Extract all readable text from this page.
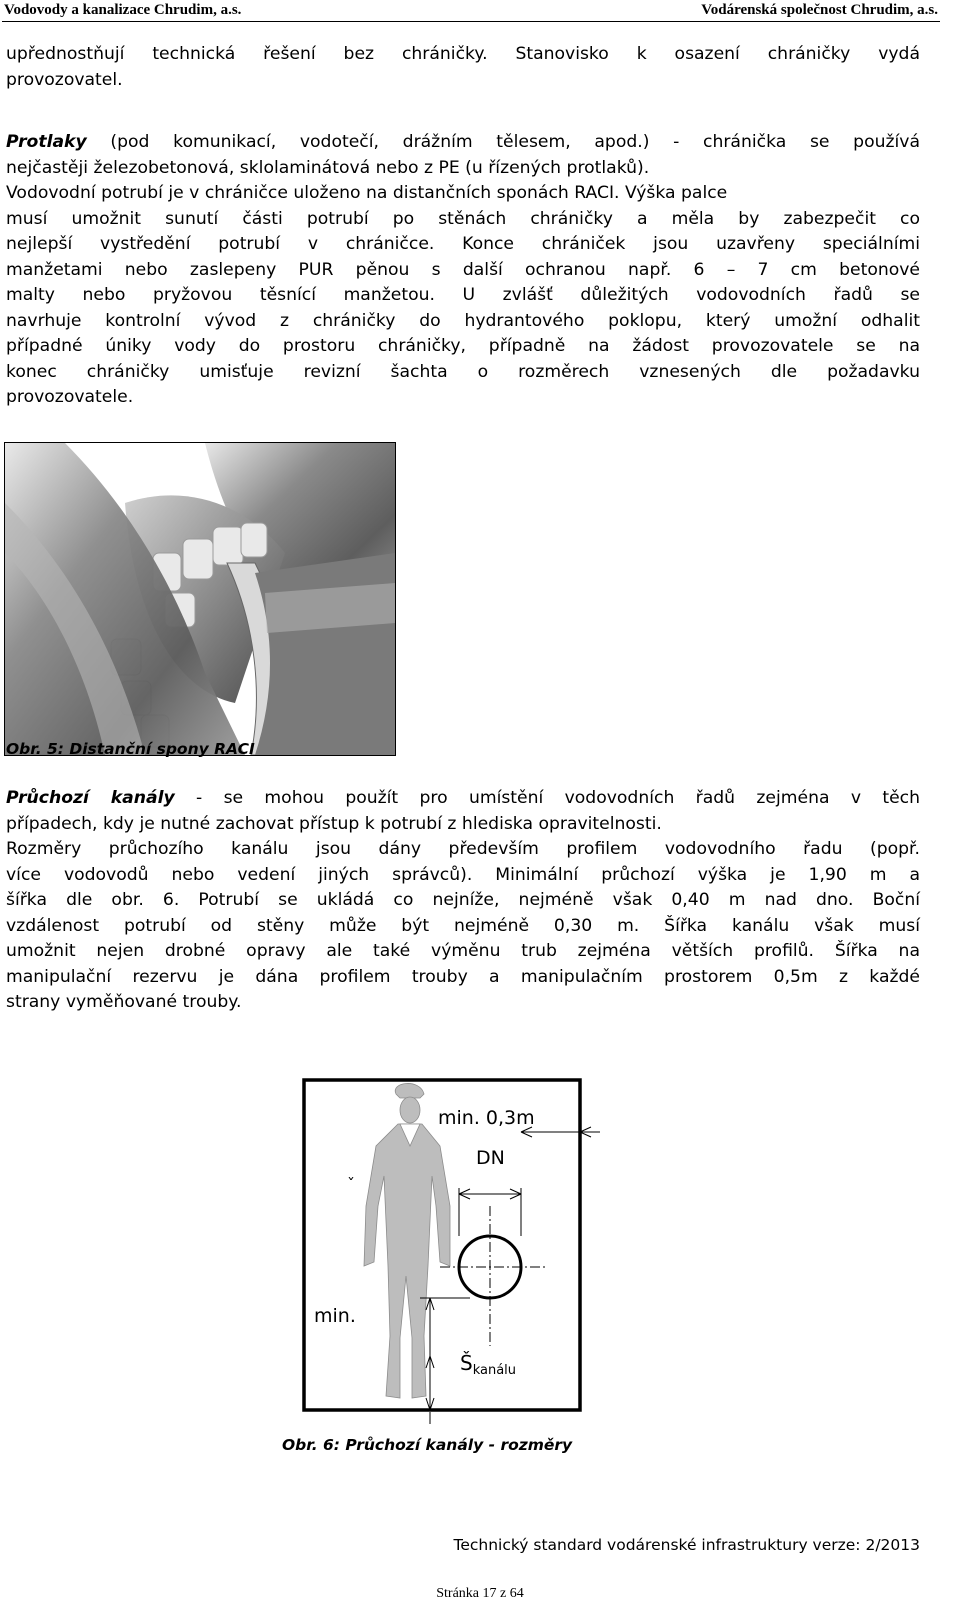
Vodovody a kanalizace Chrudim, a.s.	Vodárenská společnost Chrudim, a.s.
upřednostňují technická řešení bez chráničky. Stanovisko k osazení chráničky vydá
provozovatel.
Protlaky (pod komunikací, vodotečí, drážním tělesem, apod.) - chránička se používá
nejčastěji železobetonová, sklolaminátová nebo z PE (u řízených protlaků).
Vodovodní potrubí je v chráničce uloženo na distančních sponách RACI. Výška palce
musí umožnit sunutí části potrubí po stěnách chráničky a měla by zabezpečit co
nejlepší vystředění potrubí v chráničce. Konce chrániček jsou uzavřeny speciálními
manžetami nebo zaslepeny PUR pěnou s další ochranou např. 6 – 7 cm betonové
malty nebo pryžovou těsnící manžetou. U zvlášť důležitých vodovodních řadů se
navrhuje kontrolní vývod z chráničky do hydrantového poklopu, který umožní odhalit
případné úniky vody do prostoru chráničky, případně na žádost provozovatele se na
konec chráničky umisťuje revizní šachta o rozměrech vznesených dle požadavku
provozovatele.
Obr. 5: Distanční spony RACI
Průchozí kanály - se mohou použít pro umístění vodovodních řadů zejména v těch
případech, kdy je nutné zachovat přístup k potrubí z hlediska opravitelnosti.
Rozměry průchozího kanálu jsou dány především profilem vodovodního řadu (popř.
více vodovodů nebo vedení jiných správců). Minimální průchozí výška je 1,90 m a
šířka dle obr. 6. Potrubí se ukládá co nejníže, nejméně však 0,40 m nad dno. Boční
vzdálenost potrubí od stěny může být nejméně 0,30 m. Šířka kanálu však musí
umožnit nejen drobné opravy ale také výměnu trub zejména větších profilů. Šířka na
manipulační rezervu je dána profilem trouby a manipulačním prostorem 0,5m z každé
strany vyměňované trouby.
min. 0,3m
DN
ˇ
min.
$Š_{kanálu}$
Obr. 6: Průchozí kanály - rozměry
Technický standard vodárenské infrastruktury verze: 2/2013
Stránka 17 z 64
